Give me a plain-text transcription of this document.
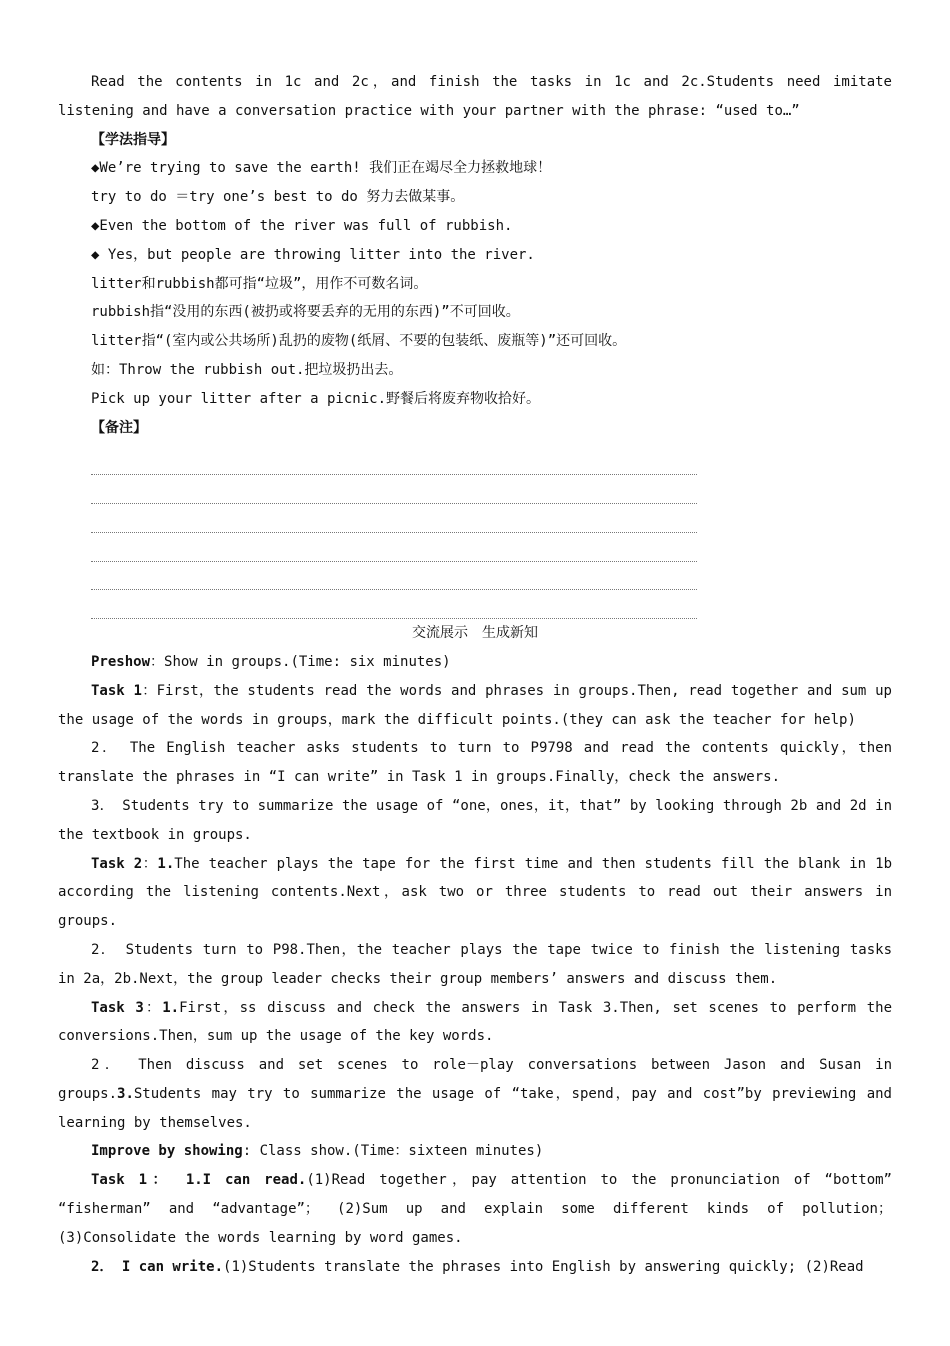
Read the contents in 1c and 2c，and finish the tasks in 1c and 2c.Students need imitate listening and have a conversation practice with your partner with the phrase: “used to…”

【学法指导】

◆We’re trying to save the earth! 我们正在竭尽全力拯救地球！

try to do ＝try one’s best to do 努力去做某事。

◆Even the bottom of the river was full of rubbish.

◆ Yes，but people are throwing litter into the river.

litter和rubbish都可指“垃圾”，用作不可数名词。

rubbish指“没用的东西(被扔或将要丢弃的无用的东西)”不可回收。

litter指“(室内或公共场所)乱扔的废物(纸屑、不要的包装纸、废瓶等)”还可回收。

如：Throw the rubbish out.把垃圾扔出去。

Pick up your litter after a picnic.野餐后将废弃物收拾好。

【备注】

交流展示　生成新知

Preshow：Show in groups.(Time: six minutes)

Task 1：First，the students read the words and phrases in groups.Then, read together and sum up the usage of the words in groups，mark the difficult points.(they can ask the teacher for help)

2． The English teacher asks students to turn to P9798 and read the contents quickly，then translate the phrases in “I can write” in Task 1 in groups.Finally，check the answers.

3． Students try to summarize the usage of “one，ones，it，that” by looking through 2b and 2d in the textbook in groups.

Task 2：1.The teacher plays the tape for the first time and then students fill the blank in 1b according the listening contents.Next，ask two or three students to read out their answers in groups.

2． Students turn to P98.Then，the teacher plays the tape twice to finish the listening tasks in 2a，2b.Next，the group leader checks their group members’ answers and discuss them.

Task 3：1.First，ss discuss and check the answers in Task 3.Then, set scenes to perform the conversions.Then，sum up the usage of the key words.

2． Then discuss and set scenes to role－play conversations between Jason and Susan in groups.3.Students may try to summarize the usage of “take，spend，pay and cost”by previewing and learning by themselves.

Improve by showing: Class show.(Time：sixteen minutes)

Task 1： 1.I can read.(1)Read together，pay attention to the pronunciation of “bottom” “fisherman” and “advantage”； (2)Sum up and explain some different kinds of pollution；(3)Consolidate the words learning by word games.

2． I can write.(1)Students translate the phrases into English by answering quickly; (2)Read
